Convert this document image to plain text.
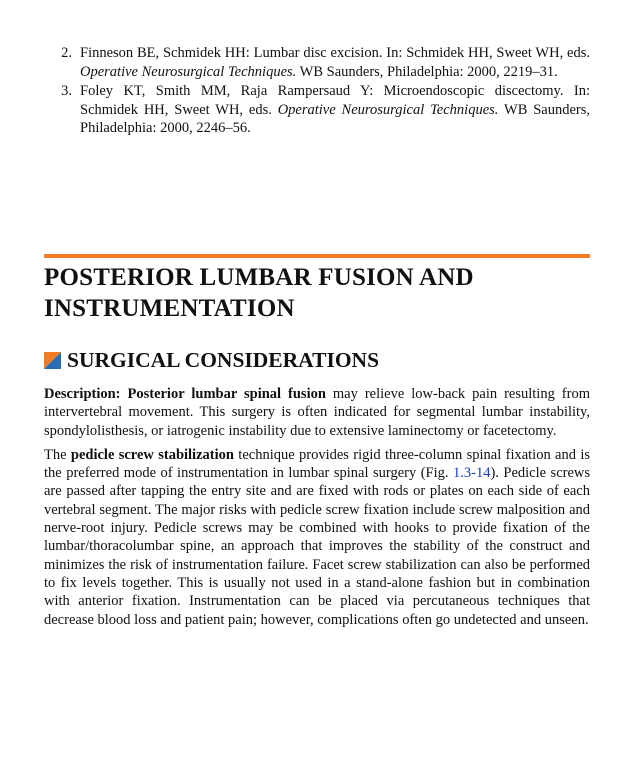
2. Finneson BE, Schmidek HH: Lumbar disc excision. In: Schmidek HH, Sweet WH, eds. Operative Neurosurgical Techniques. WB Saunders, Philadelphia: 2000, 2219–31.
3. Foley KT, Smith MM, Raja Rampersaud Y: Microendoscopic discectomy. In: Schmidek HH, Sweet WH, eds. Operative Neurosurgical Techniques. WB Saunders, Philadelphia: 2000, 2246–56.
POSTERIOR LUMBAR FUSION AND INSTRUMENTATION
SURGICAL CONSIDERATIONS

Description: Posterior lumbar spinal fusion may relieve low-back pain resulting from intervertebral movement. This surgery is often indicated for segmental lumbar instability, spondylolisthesis, or iatrogenic instability due to extensive laminectomy or facetectomy.

The pedicle screw stabilization technique provides rigid three-column spinal fixation and is the preferred mode of instrumentation in lumbar spinal surgery (Fig. 1.3-14). Pedicle screws are passed after tapping the entry site and are fixed with rods or plates on each side of each vertebral segment. The major risks with pedicle screw fixation include screw malposition and nerve-root injury. Pedicle screws may be combined with hooks to provide fixation of the lumbar/thoracolumbar spine, an approach that improves the stability of the construct and minimizes the risk of instrumentation failure. Facet screw stabilization can also be performed to fix levels together. This is usually not used in a stand-alone fashion but in combination with anterior fixation. Instrumentation can be placed via percutaneous techniques that decrease blood loss and patient pain; however, complications often go undetected and unseen.
